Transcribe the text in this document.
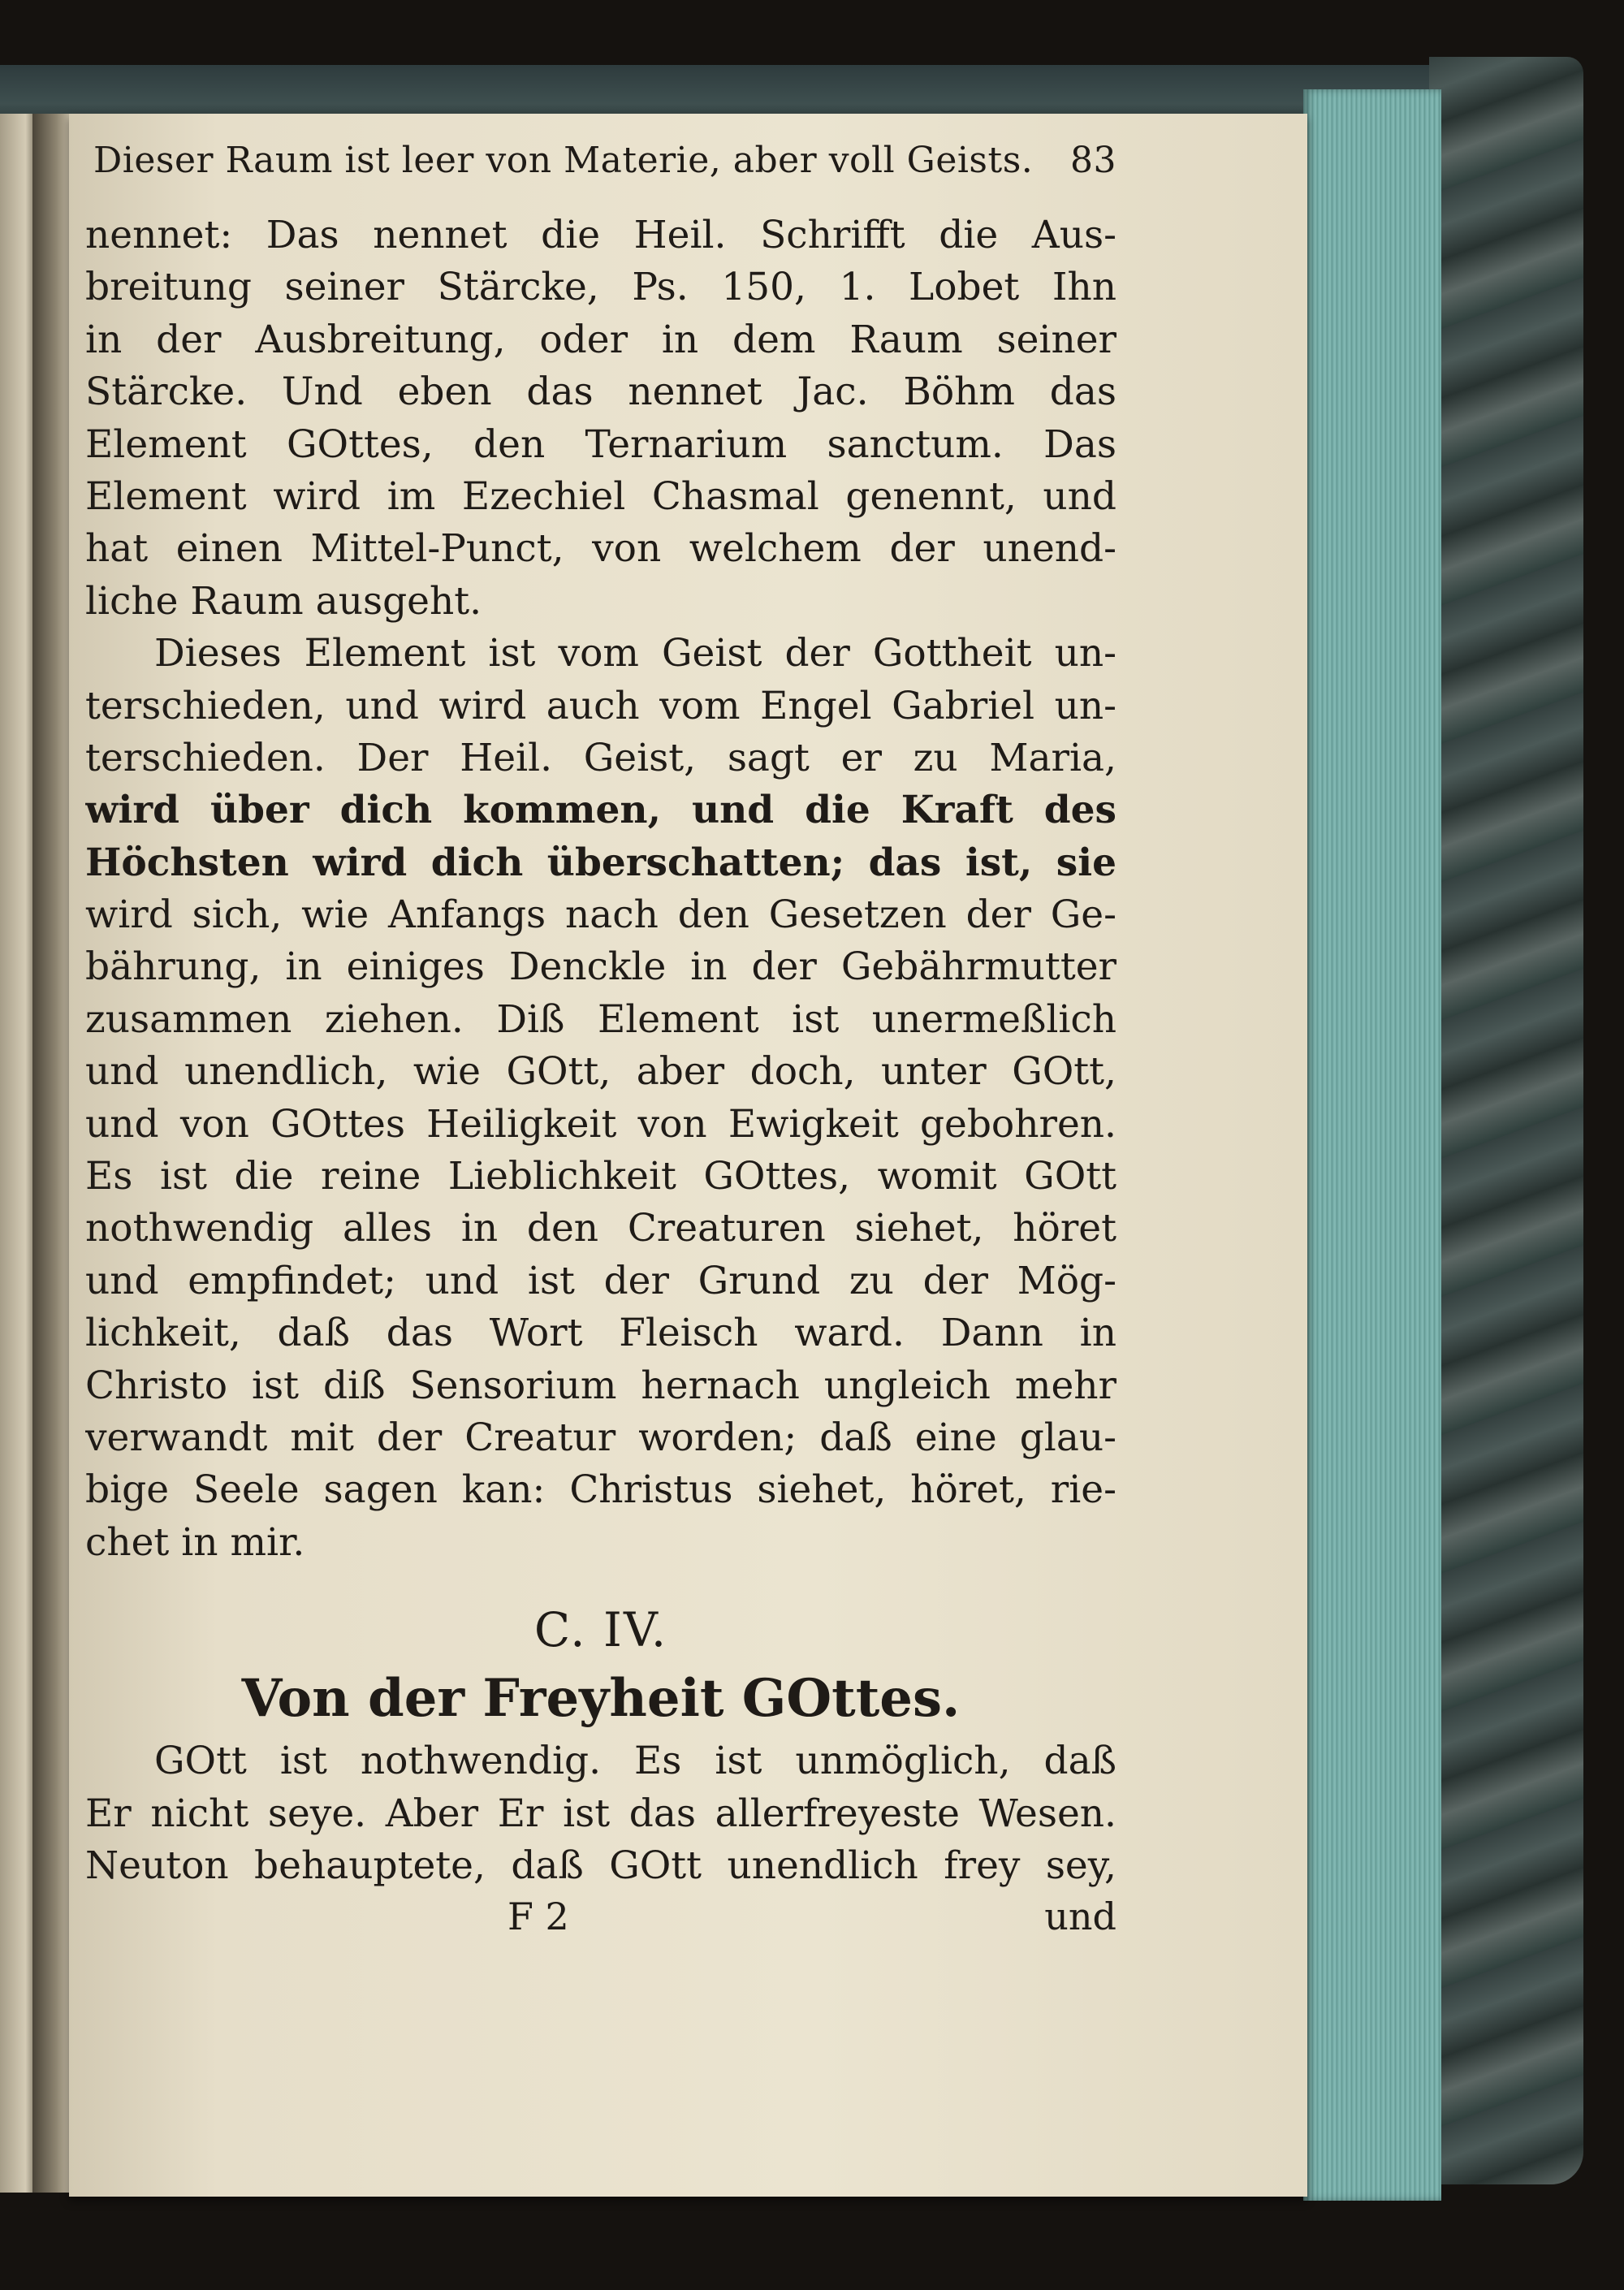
Dieser Raum ist leer von Materie, aber voll Geists. 83
nennet: Das nennet die Heil. Schrifft die Aus-
breitung seiner Stärcke, Ps. 150, 1. Lobet Ihn
in der Ausbreitung, oder in dem Raum seiner
Stärcke. Und eben das nennet Jac. Böhm das
Element GOttes, den Ternarium sanctum. Das
Element wird im Ezechiel Chasmal genennt, und
hat einen Mittel-Punct, von welchem der unend-
liche Raum ausgeht.
Dieses Element ist vom Geist der Gottheit un-
terschieden, und wird auch vom Engel Gabriel un-
terschieden. Der Heil. Geist, sagt er zu Maria,
wird über dich kommen, und die Kraft des
Höchsten wird dich überschatten; das ist, sie
wird sich, wie Anfangs nach den Gesetzen der Ge-
bährung, in einiges Denckle in der Gebährmutter
zusammen ziehen. Diß Element ist unermeßlich
und unendlich, wie GOtt, aber doch, unter GOtt,
und von GOttes Heiligkeit von Ewigkeit gebohren.
Es ist die reine Lieblichkeit GOttes, womit GOtt
nothwendig alles in den Creaturen siehet, höret
und empfindet; und ist der Grund zu der Mög-
lichkeit, daß das Wort Fleisch ward. Dann in
Christo ist diß Sensorium hernach ungleich mehr
verwandt mit der Creatur worden; daß eine glau-
bige Seele sagen kan: Christus siehet, höret, rie-
chet in mir.
C. IV.
Von der Freyheit GOttes.
GOtt ist nothwendig. Es ist unmöglich, daß
Er nicht seye. Aber Er ist das allerfreyeste Wesen.
Neuton behauptete, daß GOtt unendlich frey sey,
F 2	und
